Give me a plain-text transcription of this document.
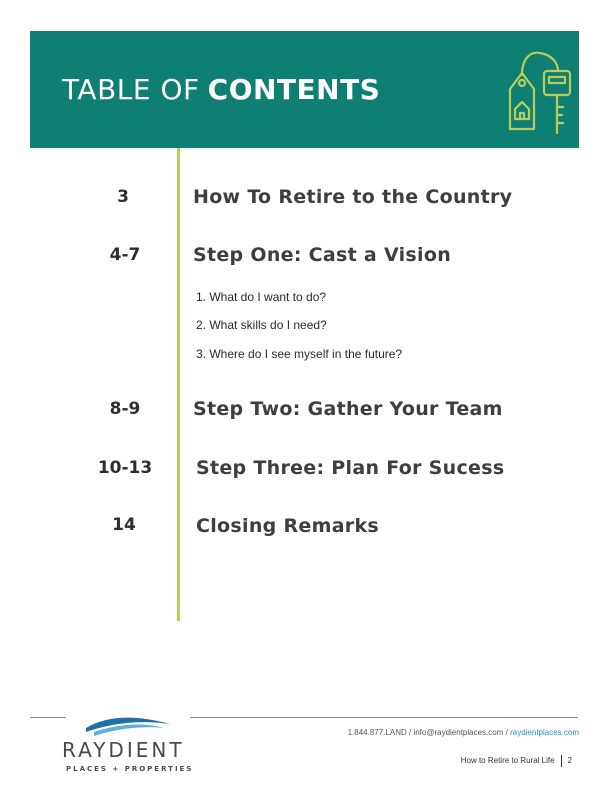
TABLE OF CONTENTS
3	How To Retire to the Country
4-7	Step One: Cast a Vision
1. What do I want to do?
2. What skills do I need?
3. Where do I see myself in the future?
8-9	Step Two: Gather Your Team
10-13 Step Three: Plan For Sucess
14	Closing Remarks
RAYDIENT
PLACES + PROPERTIES
1.844.877.LAND / info@raydientplaces.com / raydientplaces.com
How to Retire to Rural Life 2
